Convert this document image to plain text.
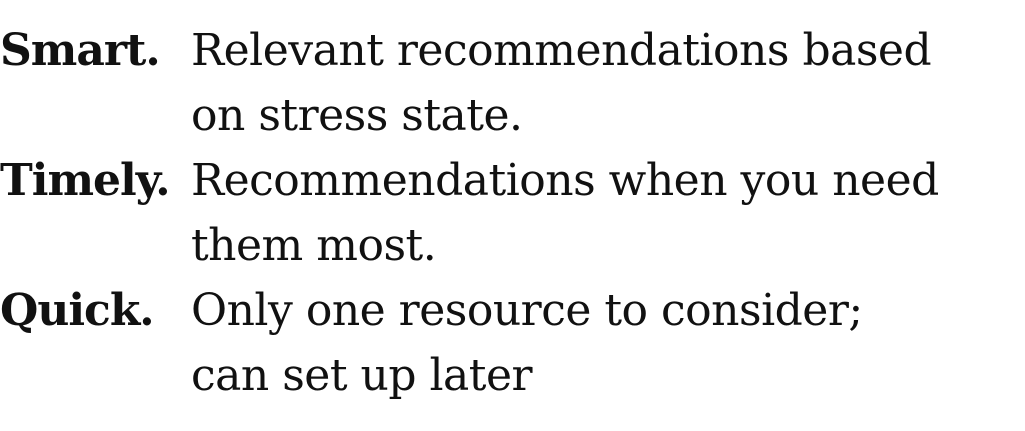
Smart. Relevant recommendations based
on stress state.
Timely. Recommendations when you need
them most.
Quick. Only one resource to consider;
can set up later
